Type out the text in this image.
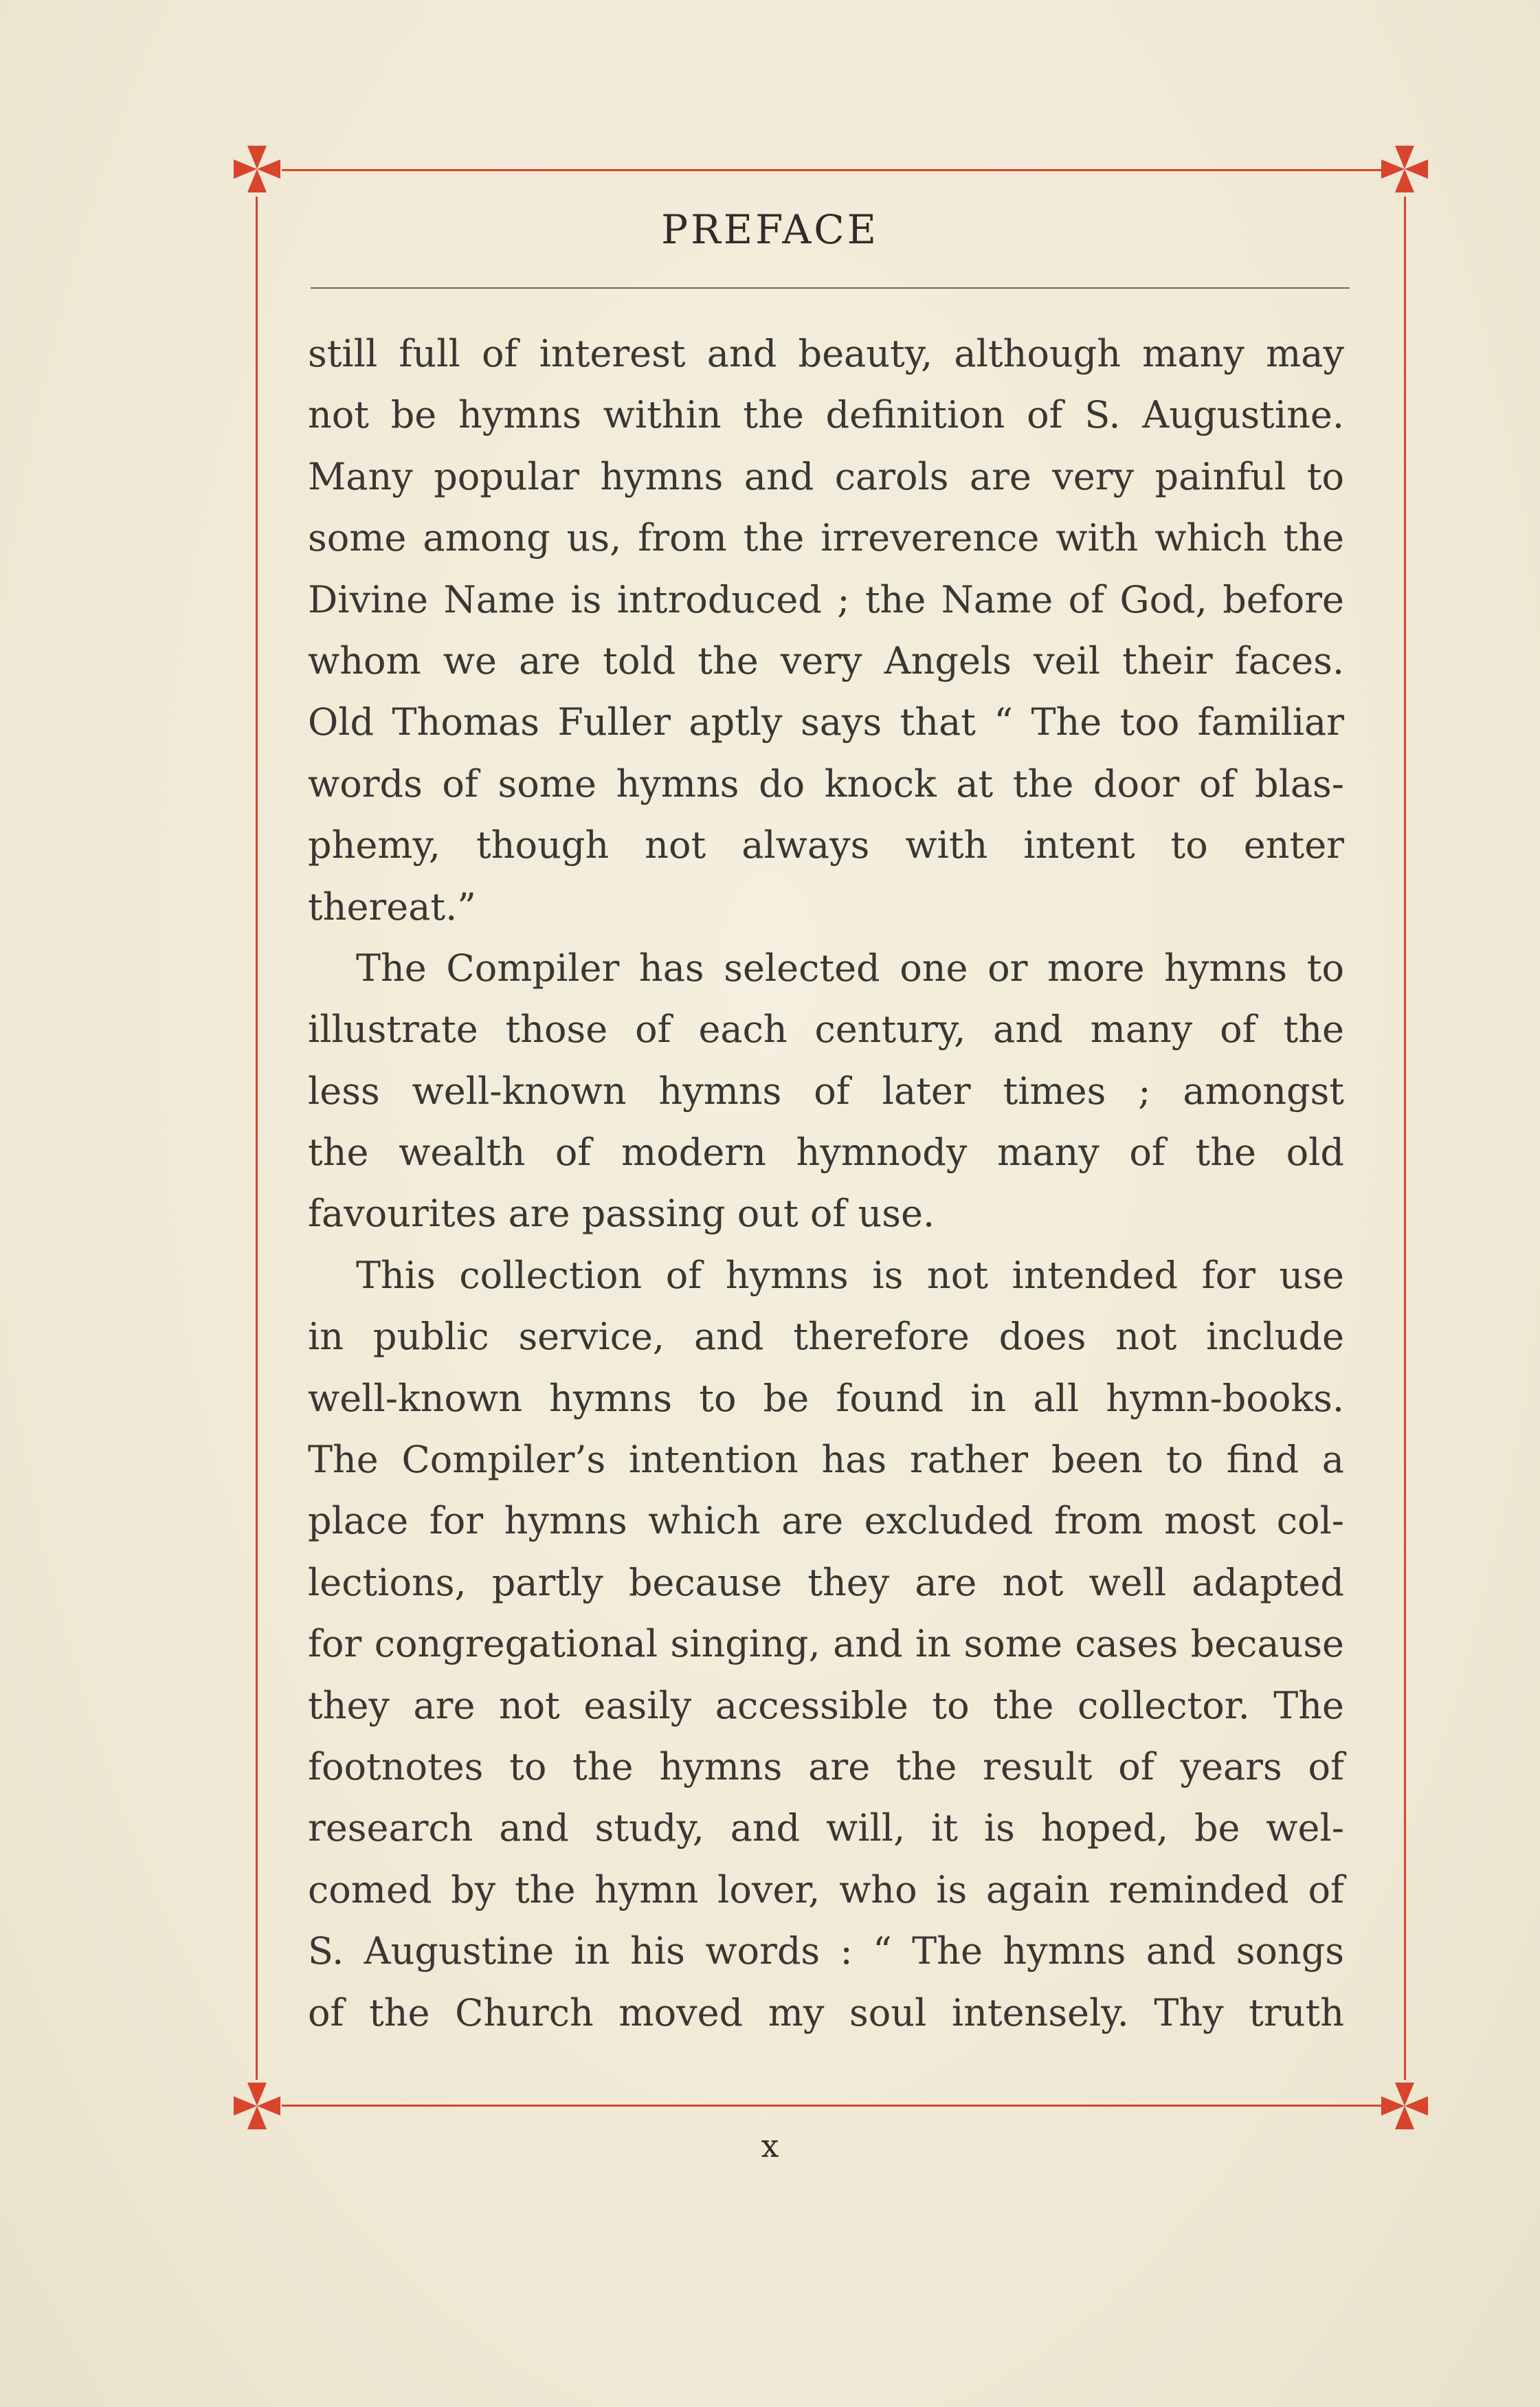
PREFACE
still full of interest and beauty, although many may
not be hymns within the definition of S. Augustine.
Many popular hymns and carols are very painful to
some among us, from the irreverence with which the
Divine Name is introduced ; the Name of God, before
whom we are told the very Angels veil their faces.
Old Thomas Fuller aptly says that “ The too familiar
words of some hymns do knock at the door of blas-
phemy, though not always with intent to enter
thereat.”
The Compiler has selected one or more hymns to
illustrate those of each century, and many of the
less well-known hymns of later times ; amongst
the wealth of modern hymnody many of the old
favourites are passing out of use.
This collection of hymns is not intended for use
in public service, and therefore does not include
well-known hymns to be found in all hymn-books.
The Compiler’s intention has rather been to find a
place for hymns which are excluded from most col-
lections, partly because they are not well adapted
for congregational singing, and in some cases because
they are not easily accessible to the collector. The
footnotes to the hymns are the result of years of
research and study, and will, it is hoped, be wel-
comed by the hymn lover, who is again reminded of
S. Augustine in his words : “ The hymns and songs
of the Church moved my soul intensely. Thy truth
x
